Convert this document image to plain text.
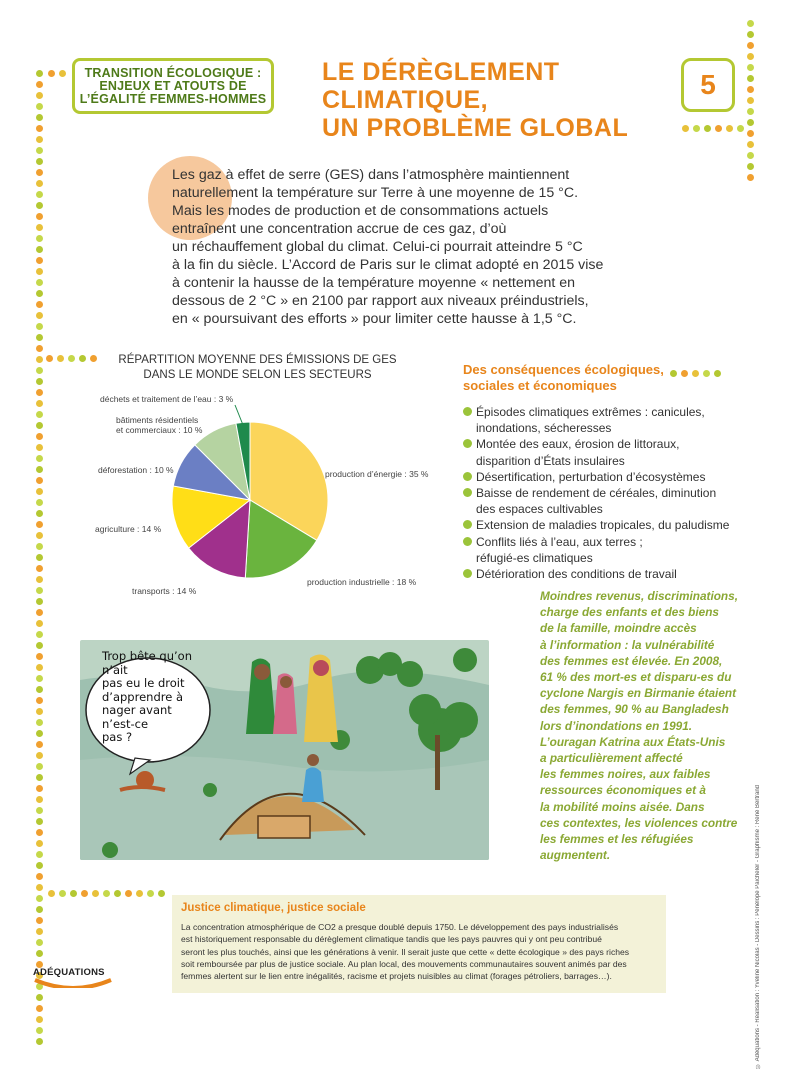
TRANSITION ÉCOLOGIQUE :
ENJEUX ET ATOUTS DE
L’ÉGALITÉ FEMMES-HOMMES
LE DÉRÈGLEMENT
CLIMATIQUE,
UN PROBLÈME GLOBAL
5
Les gaz à effet de serre (GES) dans l’atmosphère maintiennent
naturellement la température sur Terre à une moyenne de 15 °C.
Mais les modes de production et de consommations actuels
entraînent une concentration accrue de ces gaz, d’où
un réchauffement global du climat. Celui-ci pourrait atteindre 5 °C
à la fin du siècle. L’Accord de Paris sur le climat adopté en 2015 vise
à contenir la hausse de la température moyenne « nettement en
dessous de 2 °C » en 2100 par rapport aux niveaux préindustriels,
en « poursuivant des efforts » pour limiter cette hausse à 1,5 °C.
RÉPARTITION MOYENNE DES ÉMISSIONS DE GES
DANS LE MONDE SELON LES SECTEURS
production d’énergie : 35 %
production industrielle : 18 %
transports : 14 %
agriculture : 14 %
déforestation : 10 %
bâtiments résidentiels
et commerciaux : 10 %
déchets et traitement de l’eau : 3 %
Des conséquences écologiques,
sociales et économiques
Épisodes climatiques extrêmes : canicules,
inondations, sécheresses
Montée des eaux, érosion de littoraux,
disparition d’États insulaires
Désertification, perturbation d’écosystèmes
Baisse de rendement de céréales, diminution
des espaces cultivables
Extension de maladies tropicales, du paludisme
Conflits liés à l’eau, aux terres ;
réfugié-es climatiques
Détérioration des conditions de travail
Moindres revenus, discriminations,
charge des enfants et des biens
de la famille, moindre accès
à l’information : la vulnérabilité
des femmes est élevée. En 2008,
61 % des mort-es et disparu-es du
cyclone Nargis en Birmanie étaient
des femmes, 90 % au Bangladesh
lors d’inondations en 1991.
L’ouragan Katrina aux États-Unis
a particulièrement affecté
les femmes noires, aux faibles
ressources économiques et à
la mobilité moins aisée. Dans
ces contextes, les violences contre
les femmes et les réfugiées
augmentent.	© Adéquations - Réalisation : Yveline Nicolas - Dessins : Pénélope Paicheler - Graphisme : René Bertrand
Trop bête qu’on n’ait
pas eu le droit
d’apprendre à
nager avant
n’est-ce
pas ?
Justice climatique, justice sociale
La concentration atmosphérique de CO2 a presque doublé depuis 1750. Le développement des pays industrialisés
est historiquement responsable du dérèglement climatique tandis que les pays pauvres qui y ont peu contribué
seront les plus touchés, ainsi que les générations à venir. Il serait juste que cette « dette écologique » des pays riches
soit remboursée par plus de justice sociale. Au plan local, des mouvements communautaires souvent animés par des
femmes alertent sur le lien entre inégalités, racisme et projets nuisibles au climat (forages pétroliers, barrages…).
ADÉQUATIONS
